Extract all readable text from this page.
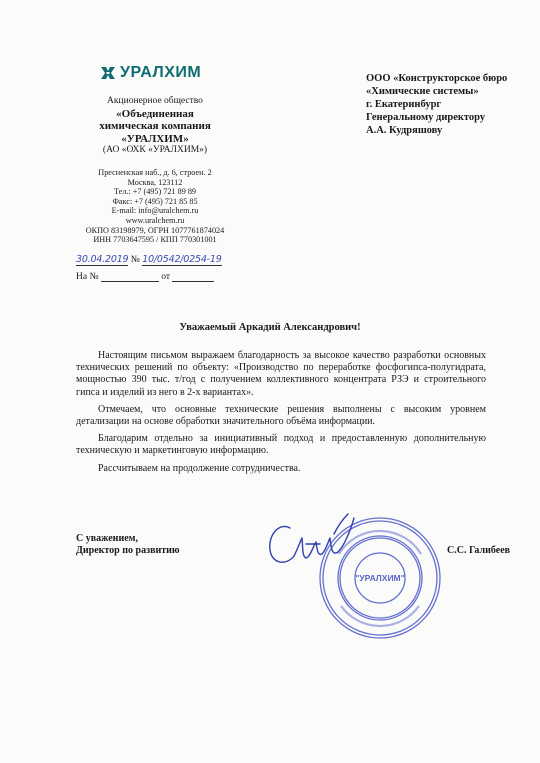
УРАЛХИМ
Акционерное общество
«Объединенная
химическая компания
«УРАЛХИМ»
(АО «ОХК «УРАЛХИМ»)
Пресненская наб., д. 6, строен. 2
Москва, 123112
Тел.: +7 (495) 721 89 89
Факс: +7 (495) 721 85 85
E-mail: info@uralchem.ru
www.uralchem.ru
ОКПО 83198979, ОГРН 1077761874024
ИНН 7703647595 / КПП 770301001
30.04.2019 № 10/0542/0254-19
На №	от
ООО «Конструкторское бюро
«Химические системы»
г. Екатеринбург
Генеральному директору
А.А. Кудряшову
Уважаемый Аркадий Александрович!

Настоящим письмом выражаем благодарность за высокое качество разработки основных технических решений по объекту: «Производство по переработке фосфогипса-полугидрата, мощностью 390 тыс. т/год с получением коллективного концентрата РЗЭ и строительного гипса и изделий из него в 2-х вариантах».

Отмечаем, что основные технические решения выполнены с высоким уровнем детализации на основе обработки значительного объёма информации.

Благодарим отдельно за инициативный подход и предоставленную дополнительную техническую и маркетинговую информацию.

Рассчитываем на продолжение сотрудничества.

С уважением,
Директор по развитию	С.С. Галибеев
"УРАЛХИМ"
